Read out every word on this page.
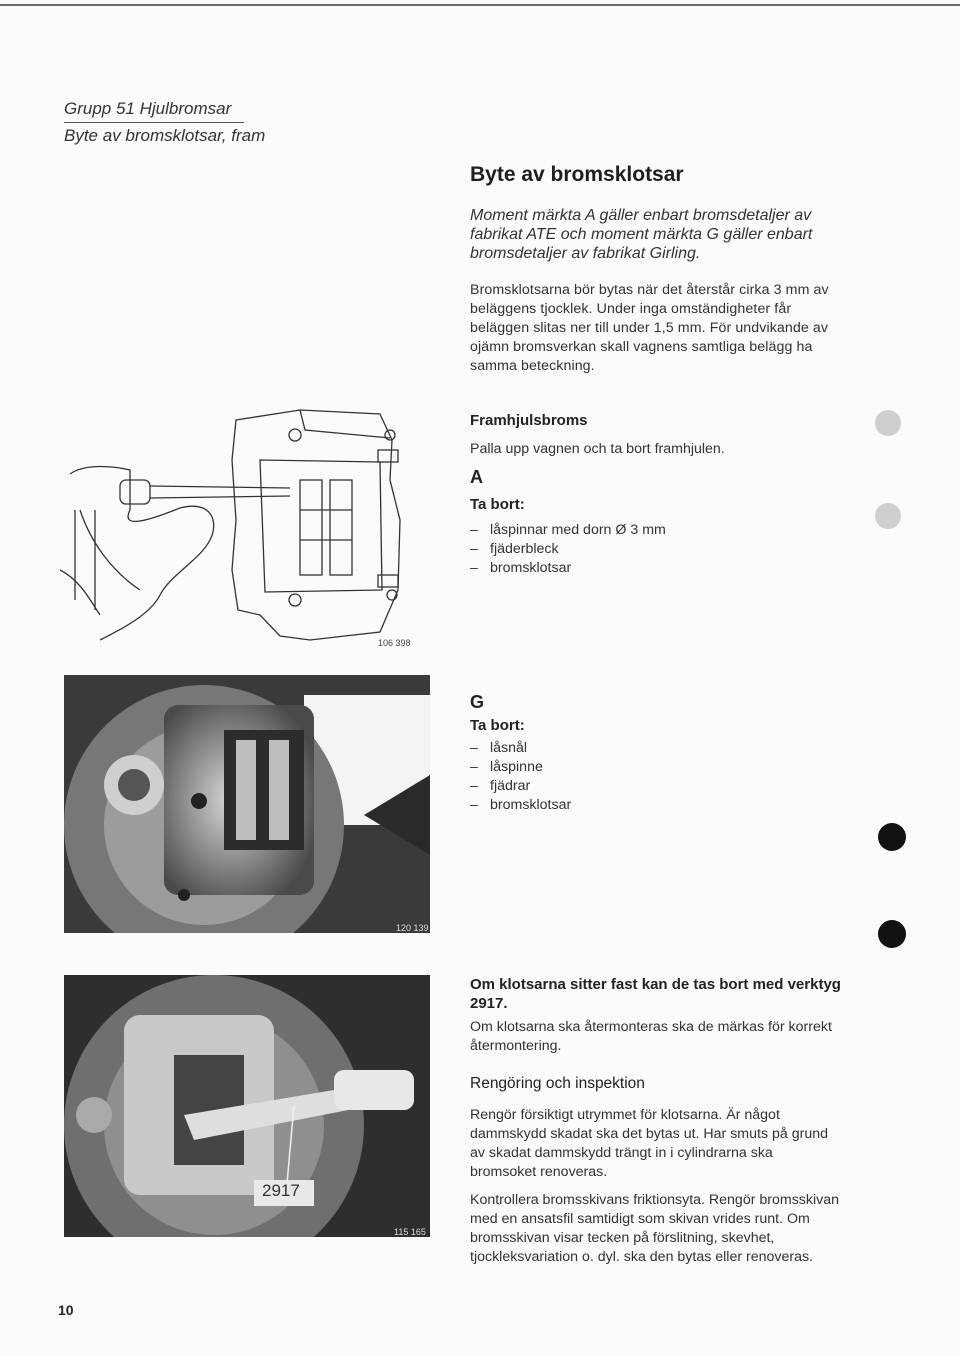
Grupp 51 Hjulbromsar
Byte av bromsklotsar, fram
Byte av bromsklotsar
Moment märkta A gäller enbart bromsdetaljer av fabrikat ATE och moment märkta G gäller enbart bromsdetaljer av fabrikat Girling.
Bromsklotsarna bör bytas när det återstår cirka 3 mm av beläggens tjocklek. Under inga omständigheter får beläggen slitas ner till under 1,5 mm. För undvikande av ojämn bromsverkan skall vagnens samtliga belägg ha samma beteckning.
106 398
Framhjulsbroms
Palla upp vagnen och ta bort framhjulen.
A
Ta bort:
– låspinnar med dorn Ø 3 mm
– fjäderbleck
– bromsklotsar
120 139
G
Ta bort:
– låsnål
– låspinne
– fjädrar
– bromsklotsar
2917
115 165
Om klotsarna sitter fast kan de tas bort med verktyg 2917.
Om klotsarna ska återmonteras ska de märkas för korrekt återmontering.
Rengöring och inspektion
Rengör försiktigt utrymmet för klotsarna. Är något dammskydd skadat ska det bytas ut. Har smuts på grund av skadat dammskydd trängt in i cylindrarna ska bromsoket renoveras.
Kontrollera bromsskivans friktionsyta. Rengör bromsskivan med en ansatsfil samtidigt som skivan vrides runt. Om bromsskivan visar tecken på förslitning, skevhet, tjockleksvariation o. dyl. ska den bytas eller renoveras.
10
